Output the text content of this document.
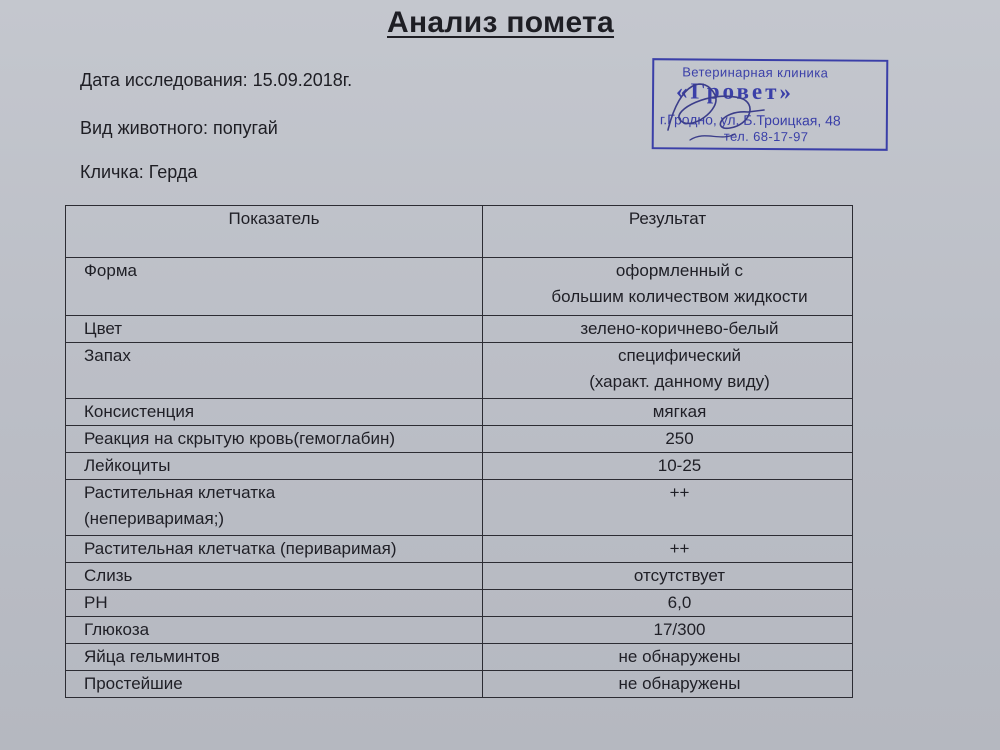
Анализ помета
Дата исследования: 15.09.2018г.
Вид животного: попугай
Кличка: Герда
Ветеринарная клиника
«Гровет»
г.Гродно, ул. Б.Троицкая, 48
тел. 68-17-97
Показатель	Результат

Форма	оформленный с
большим количеством жидкости

Цвет	зелено-коричнево-белый

Запах	специфический
(характ. данному виду)

Консистенция	мягкая

Реакция на скрытую кровь(гемоглабин)	250

Лейкоциты	10-25

Растительная клетчатка
(непериваримая;)	++

Растительная клетчатка (периваримая)	++

Слизь	отсутствует

PH	6,0

Глюкоза	17/300

Яйца гельминтов	не обнаружены

Простейшие	не обнаружены
